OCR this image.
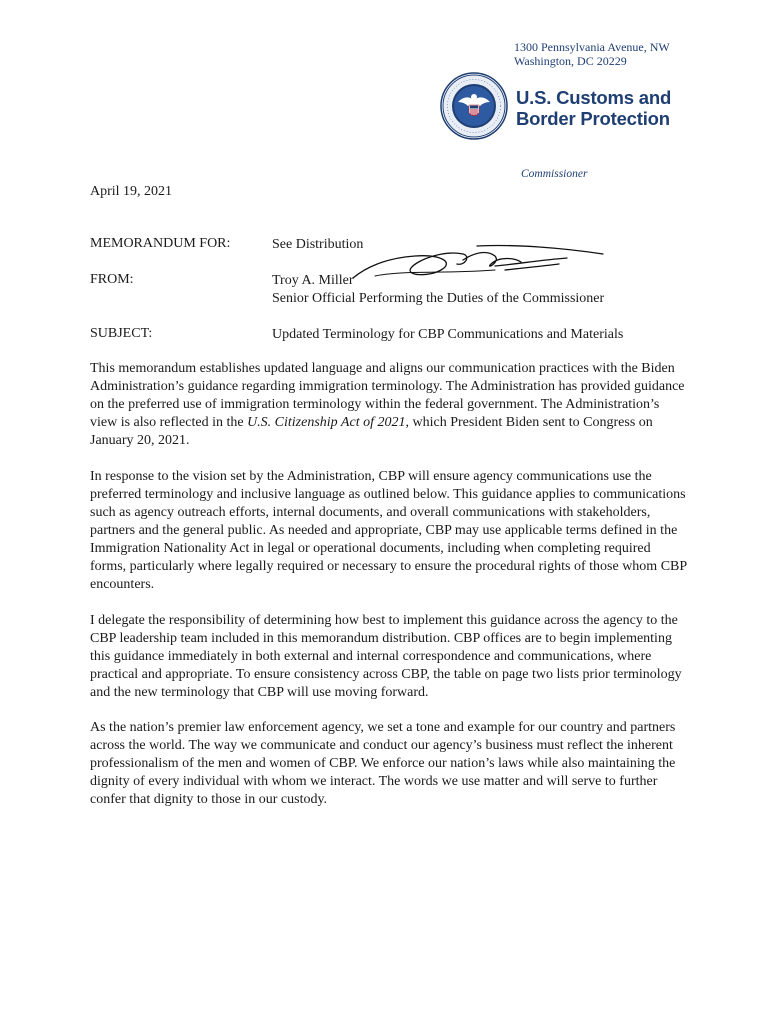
1300 Pennsylvania Avenue, NW
Washington, DC 20229
U.S. Customs and
Border Protection
Commissioner
April 19, 2021
MEMORANDUM FOR:	See Distribution
FROM:	Troy A. Miller
Senior Official Performing the Duties of the Commissioner
SUBJECT:	Updated Terminology for CBP Communications and Materials

This memorandum establishes updated language and aligns our communication practices with the Biden Administration’s guidance regarding immigration terminology. The Administration has provided guidance on the preferred use of immigration terminology within the federal government. The Administration’s view is also reflected in the U.S. Citizenship Act of 2021, which President Biden sent to Congress on January 20, 2021.

In response to the vision set by the Administration, CBP will ensure agency communications use the preferred terminology and inclusive language as outlined below. This guidance applies to communications such as agency outreach efforts, internal documents, and overall communications with stakeholders, partners and the general public. As needed and appropriate, CBP may use applicable terms defined in the Immigration Nationality Act in legal or operational documents, including when completing required forms, particularly where legally required or necessary to ensure the procedural rights of those whom CBP encounters.

I delegate the responsibility of determining how best to implement this guidance across the agency to the CBP leadership team included in this memorandum distribution. CBP offices are to begin implementing this guidance immediately in both external and internal correspondence and communications, where practical and appropriate. To ensure consistency across CBP, the table on page two lists prior terminology and the new terminology that CBP will use moving forward.

As the nation’s premier law enforcement agency, we set a tone and example for our country and partners across the world. The way we communicate and conduct our agency’s business must reflect the inherent professionalism of the men and women of CBP. We enforce our nation’s laws while also maintaining the dignity of every individual with whom we interact. The words we use matter and will serve to further confer that dignity to those in our custody.
